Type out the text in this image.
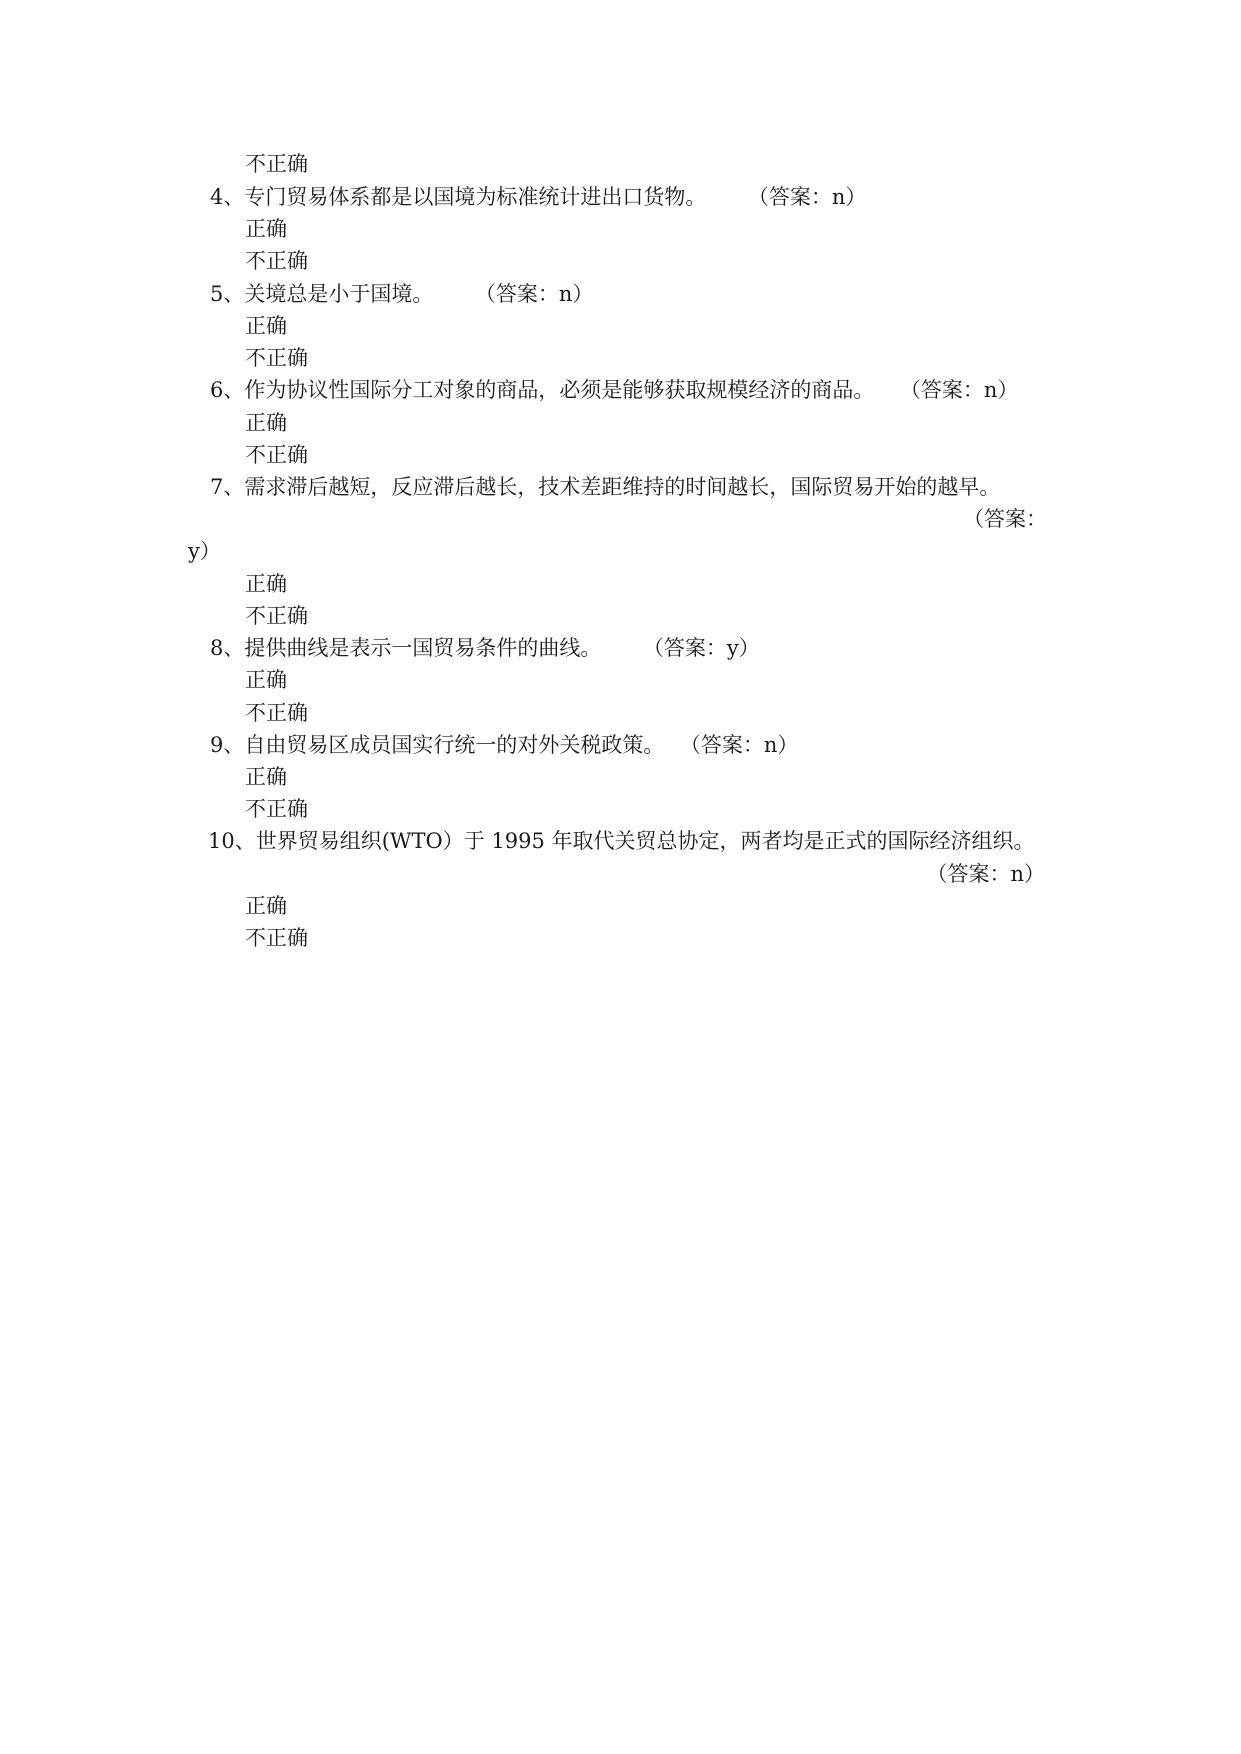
不正确
4、专门贸易体系都是以国境为标准统计进出口货物。 （答案：n）
正确
不正确
5、关境总是小于国境。 （答案：n）
正确
不正确
6、作为协议性国际分工对象的商品，必须是能够获取规模经济的商品。 （答案：n）
正确
不正确
7、需求滞后越短，反应滞后越长，技术差距维持的时间越长，国际贸易开始的越早。
（答案：
y）
正确
不正确
8、提供曲线是表示一国贸易条件的曲线。 （答案：y）
正确
不正确
9、自由贸易区成员国实行统一的对外关税政策。 （答案：n）
正确
不正确
10、世界贸易组织(WTO）于 1995 年取代关贸总协定，两者均是正式的国际经济组织。
（答案：n）
正确
不正确
